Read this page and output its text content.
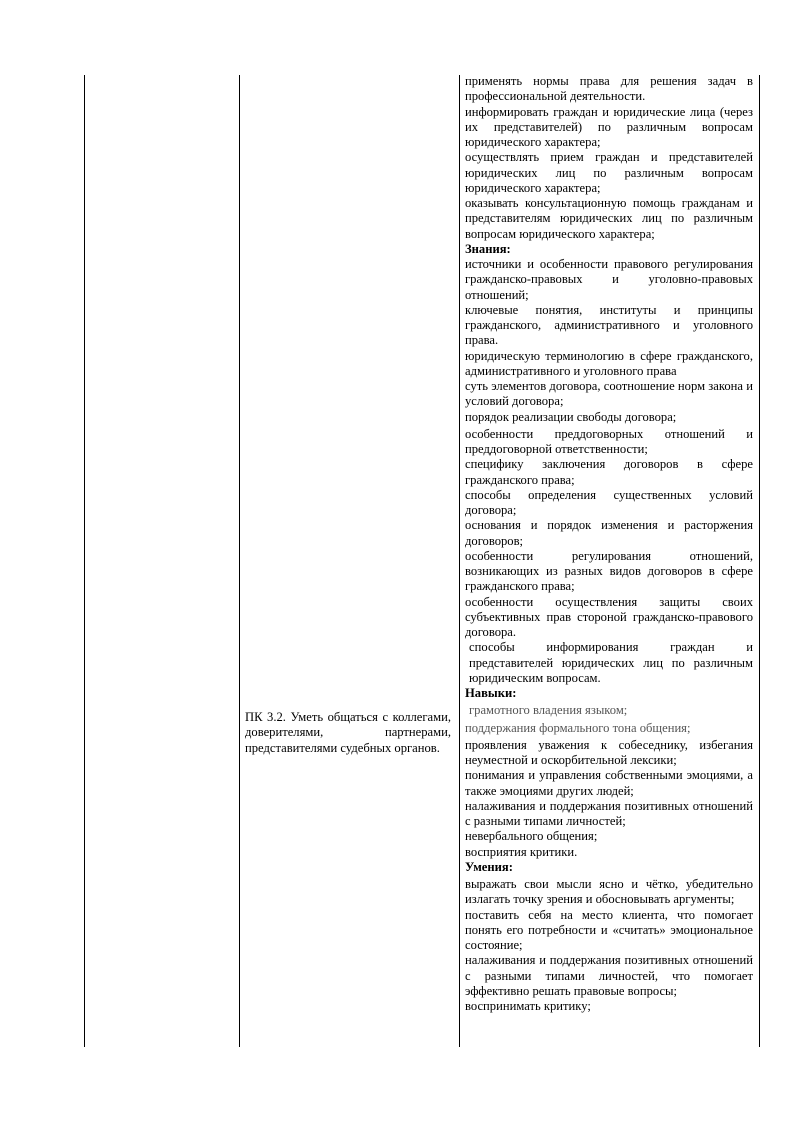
ПК 3.2. Уметь общаться с коллегами, доверителями, партнерами, представителями судебных органов.

применять нормы права для решения задач в профессиональной деятельности.

информировать граждан и юридические лица (через их представителей) по различным вопросам юридического характера;

осуществлять прием граждан и представителей юридических лиц по различным вопросам юридического характера;

оказывать консультационную помощь гражданам и представителям юридических лиц по различным вопросам юридического характера;

Знания:

источники и особенности правового регулирования гражданско-правовых и уголовно-правовых отношений;

ключевые понятия, институты и принципы гражданского, административного и уголовного права.

юридическую терминологию в сфере гражданского, административного и уголовного права

суть элементов договора, соотношение норм закона и условий договора;

порядок реализации свободы договора;

особенности преддоговорных отношений и преддоговорной ответственности;

специфику заключения договоров в сфере гражданского права;

способы определения существенных условий договора;

основания и порядок изменения и расторжения договоров;

особенности регулирования отношений, возникающих из разных видов договоров в сфере гражданского права;

особенности осуществления защиты своих субъективных прав стороной гражданско-правового договора.

способы информирования граждан и представителей юридических лиц по различным юридическим вопросам.

Навыки:

грамотного владения языком;

поддержания формального тона общения;

проявления уважения к собеседнику, избегания неуместной и оскорбительной лексики;

понимания и управления собственными эмоциями, а также эмоциями других людей;

налаживания и поддержания позитивных отношений с разными типами личностей;

невербального общения;

восприятия критики.

Умения:

выражать свои мысли ясно и чётко, убедительно излагать точку зрения и обосновывать аргументы;

поставить себя на место клиента, что помогает понять его потребности и «считать» эмоциональное состояние;

налаживания и поддержания позитивных отношений с разными типами личностей, что помогает эффективно решать правовые вопросы;

воспринимать критику;
